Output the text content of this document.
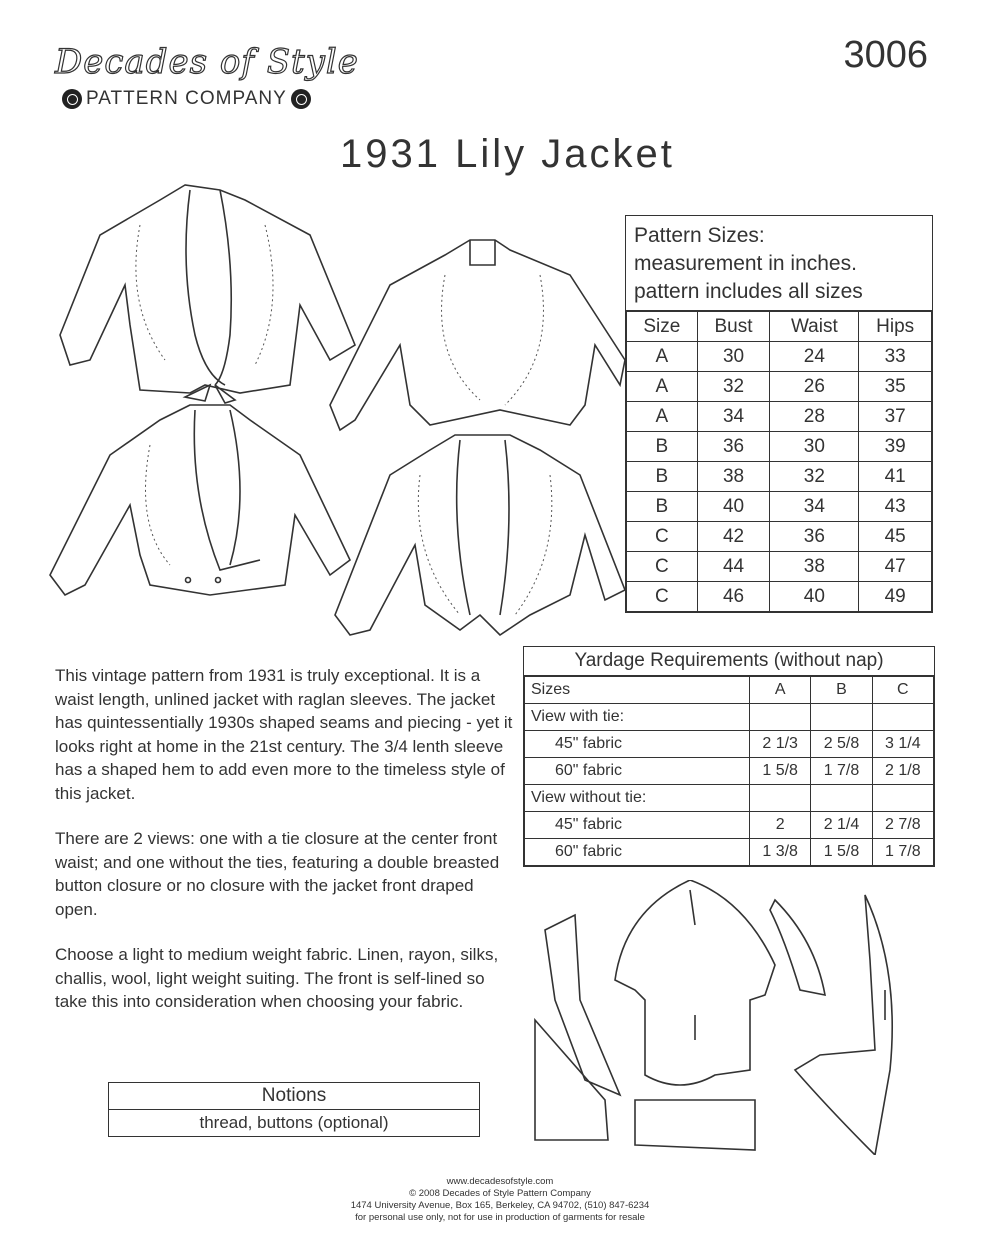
Decades of Style
PATTERN COMPANY
3006
1931 Lily Jacket
Pattern Sizes:
measurement in inches.
pattern includes all sizes
Size	Bust	Waist	Hips
A	30	24	33
A	32	26	35
A	34	28	37
B	36	30	39
B	38	32	41
B	40	34	43
C	42	36	45
C	44	38	47
C	46	40	49
Yardage Requirements (without nap)
Sizes	A	B	C
View with tie:			
45" fabric	2 1/3	2 5/8	3 1/4
60" fabric	1 5/8	1 7/8	2 1/8
View without tie:			
45" fabric	2	2 1/4	2 7/8
60" fabric	1 3/8	1 5/8	1 7/8

This vintage pattern from 1931 is truly exceptional. It is a waist length, unlined jacket with raglan sleeves. The jacket has quintessentially 1930s shaped seams and piecing - yet it looks right at home in the 21st century. The 3/4 lenth sleeve has a shaped hem to add even more to the timeless style of this jacket.

There are 2 views: one with a tie closure at the center front waist; and one without the ties, featuring a double breasted button closure or no closure with the jacket front draped open.

Choose a light to medium weight fabric. Linen, rayon, silks, challis, wool, light weight suiting. The front is self-lined so take this into consideration when choosing your fabric.

Notions
thread, buttons (optional)
www.decadesofstyle.com
© 2008 Decades of Style Pattern Company
1474 University Avenue, Box 165, Berkeley, CA 94702, (510) 847-6234
for personal use only, not for use in production of garments for resale
